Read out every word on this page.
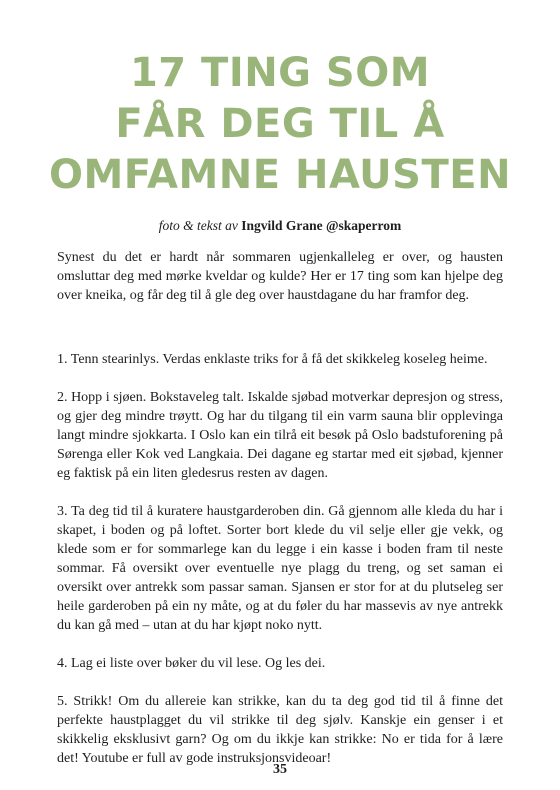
17 TING SOM
FÅR DEG TIL Å
OMFAMNE HAUSTEN
foto & tekst av Ingvild Grane @skaperrom

Synest du det er hardt når sommaren ugjenkalleleg er over, og hausten omsluttar deg med mørke kveldar og kulde? Her er 17 ting som kan hjelpe deg over kneika, og får deg til å gle deg over haustdagane du har framfor deg.

1. Tenn stearinlys. Verdas enklaste triks for å få det skikkeleg koseleg heime.

2. Hopp i sjøen. Bokstaveleg talt. Iskalde sjøbad motverkar depresjon og stress, og gjer deg mindre trøytt. Og har du tilgang til ein varm sauna blir opplevinga langt mindre sjokkarta. I Oslo kan ein tilrå eit besøk på Oslo badstuforening på Sørenga eller Kok ved Langkaia. Dei dagane eg startar med eit sjøbad, kjenner eg faktisk på ein liten gledesrus resten av dagen.

3. Ta deg tid til å kuratere haustgarderoben din. Gå gjennom alle kleda du har i skapet, i boden og på loftet. Sorter bort klede du vil selje eller gje vekk, og klede som er for sommarlege kan du legge i ein kasse i boden fram til neste sommar. Få oversikt over eventuelle nye plagg du treng, og set saman ei oversikt over antrekk som passar saman. Sjansen er stor for at du plutseleg ser heile garderoben på ein ny måte, og at du føler du har massevis av nye antrekk du kan gå med – utan at du har kjøpt noko nytt.

4. Lag ei liste over bøker du vil lese. Og les dei.

5. Strikk! Om du allereie kan strikke, kan du ta deg god tid til å finne det perfekte haustplagget du vil strikke til deg sjølv. Kanskje ein genser i et skikkelig eksklusivt garn? Og om du ikkje kan strikke: No er tida for å lære det! Youtube er full av gode instruksjonsvideoar!

35
